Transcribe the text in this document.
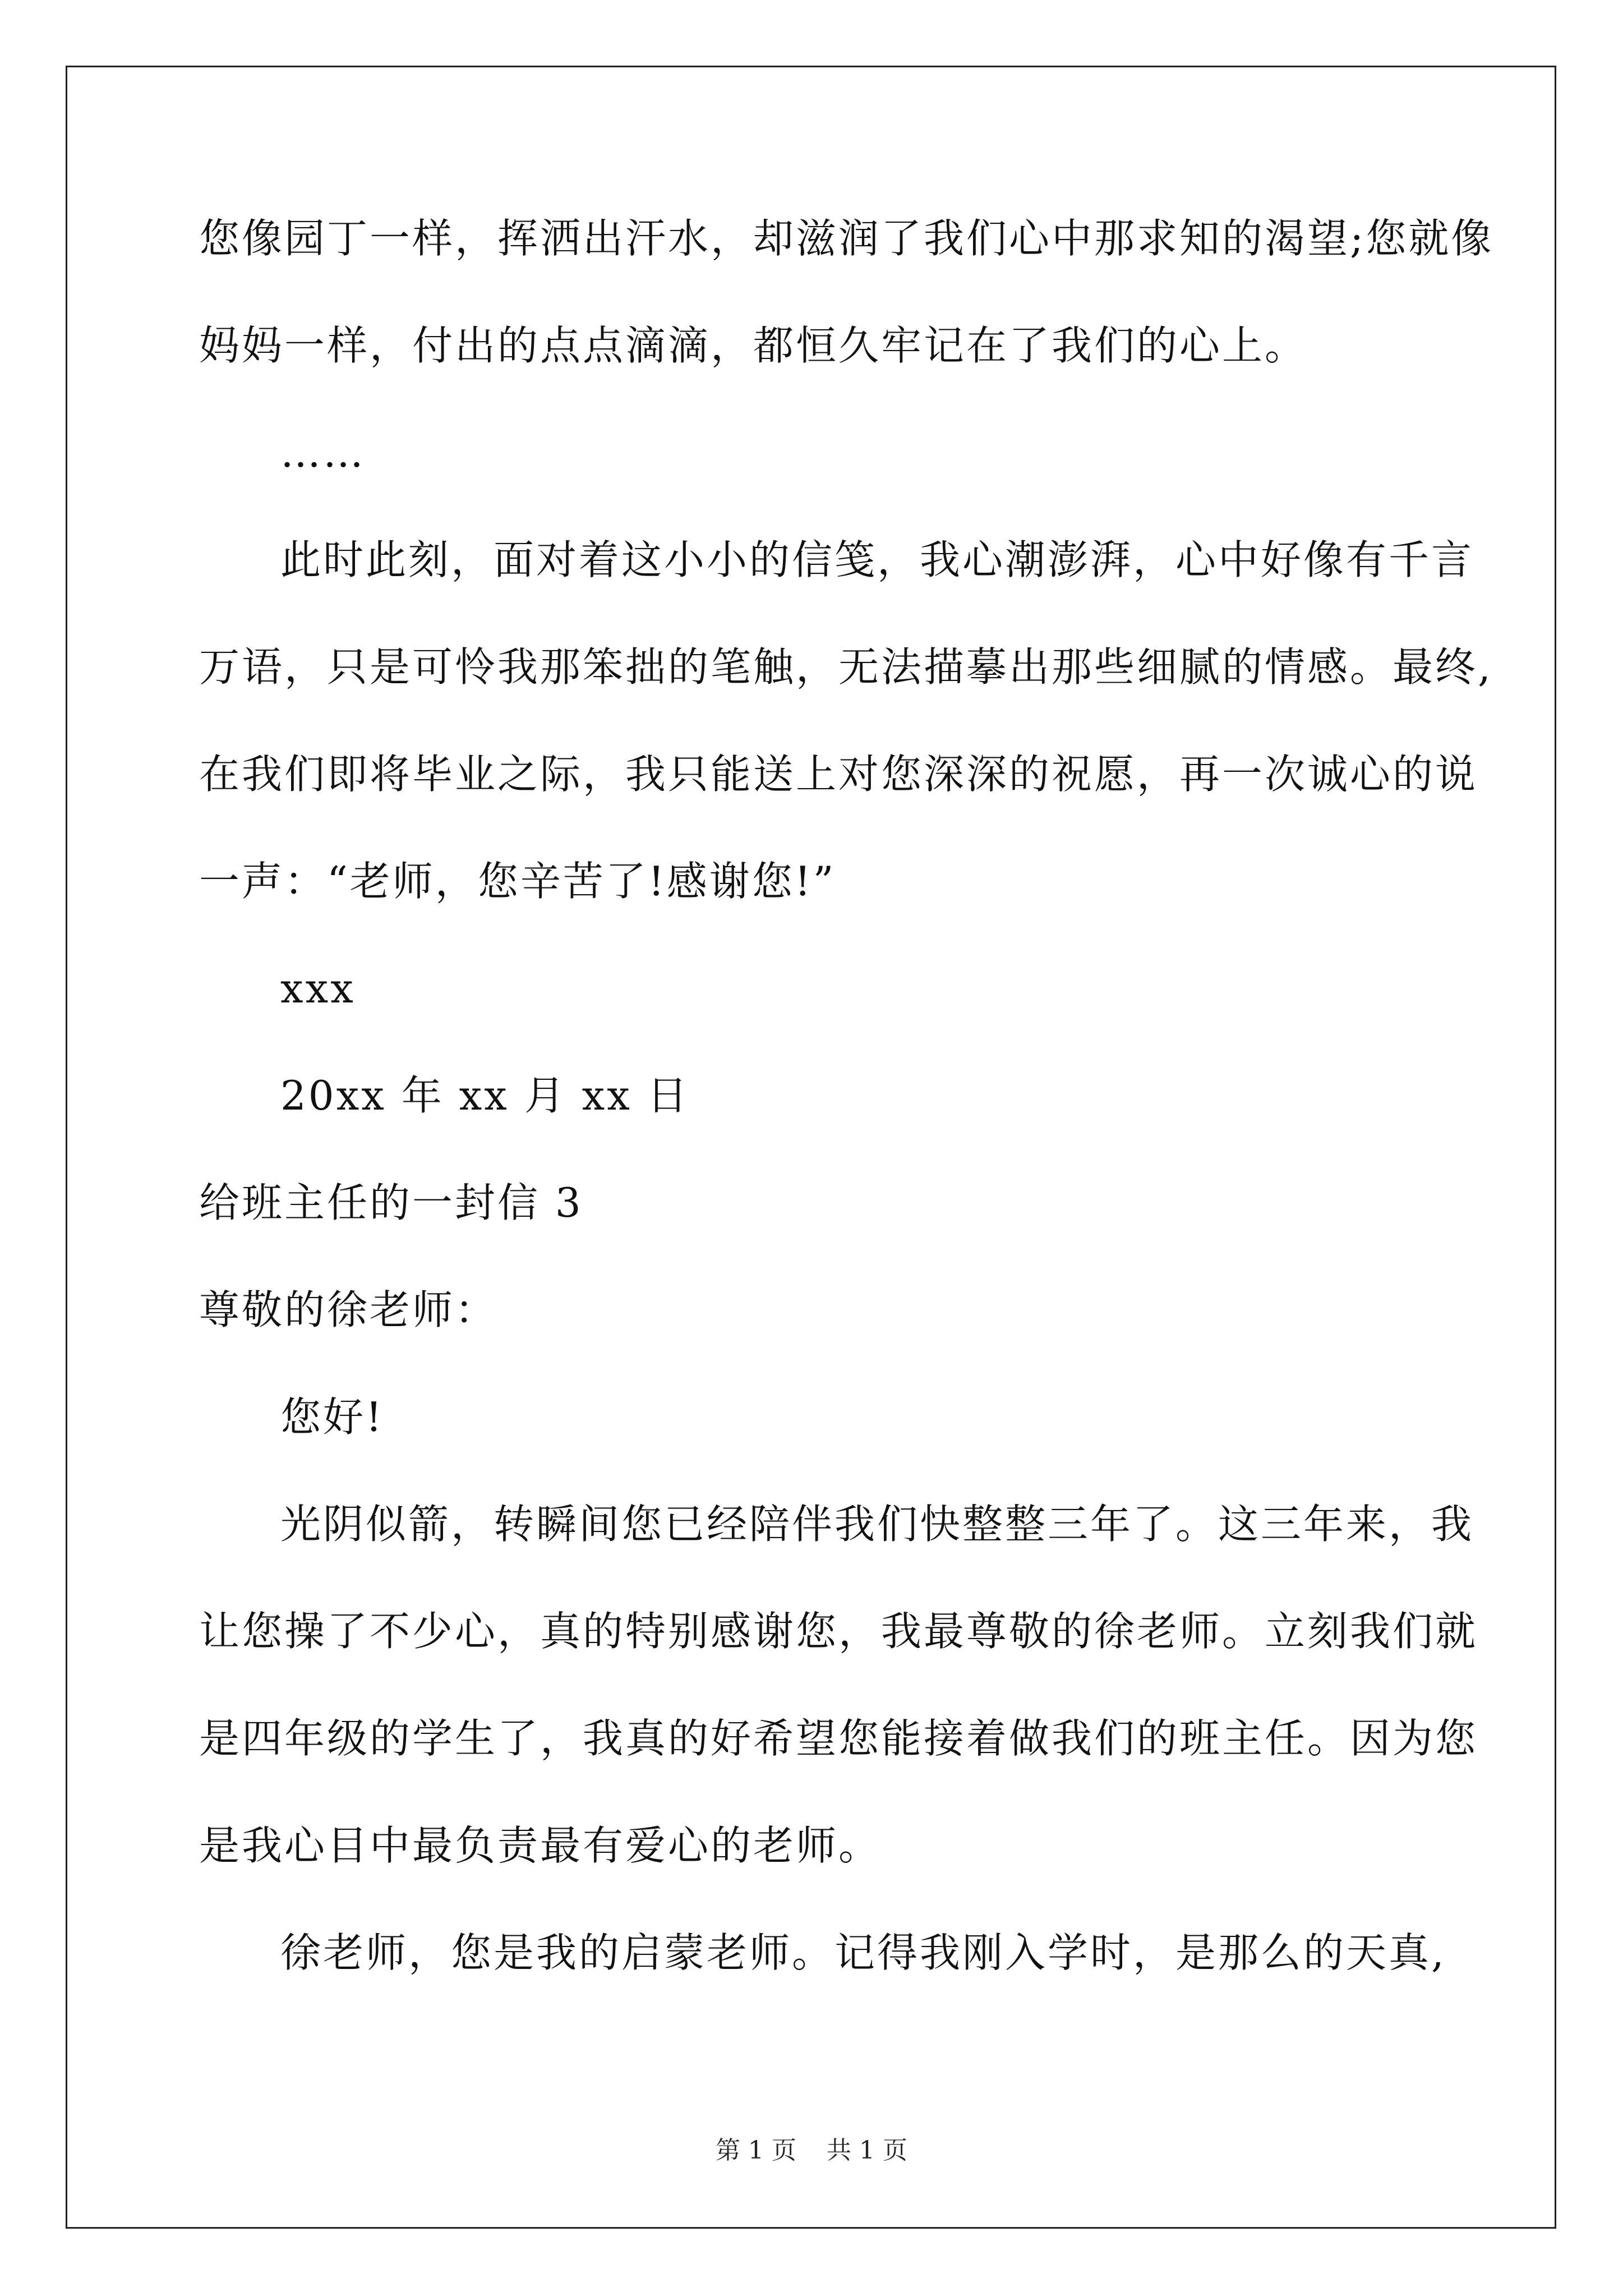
您像园丁一样，挥洒出汗水，却滋润了我们心中那求知的渴望;您就像
妈妈一样，付出的点点滴滴，都恒久牢记在了我们的心上。
……
此时此刻，面对着这小小的信笺，我心潮澎湃，心中好像有千言
万语，只是可怜我那笨拙的笔触，无法描摹出那些细腻的情感。最终,
在我们即将毕业之际，我只能送上对您深深的祝愿，再一次诚心的说
一声：“老师，您辛苦了!感谢您!”
xxx
20xx 年 xx 月 xx 日
给班主任的一封信 3
尊敬的徐老师：
您好!
光阴似箭，转瞬间您已经陪伴我们快整整三年了。这三年来，我
让您操了不少心，真的特别感谢您，我最尊敬的徐老师。立刻我们就
是四年级的学生了，我真的好希望您能接着做我们的班主任。因为您
是我心目中最负责最有爱心的老师。
徐老师，您是我的启蒙老师。记得我刚入学时，是那么的天真,
第 1 页 共 1 页
